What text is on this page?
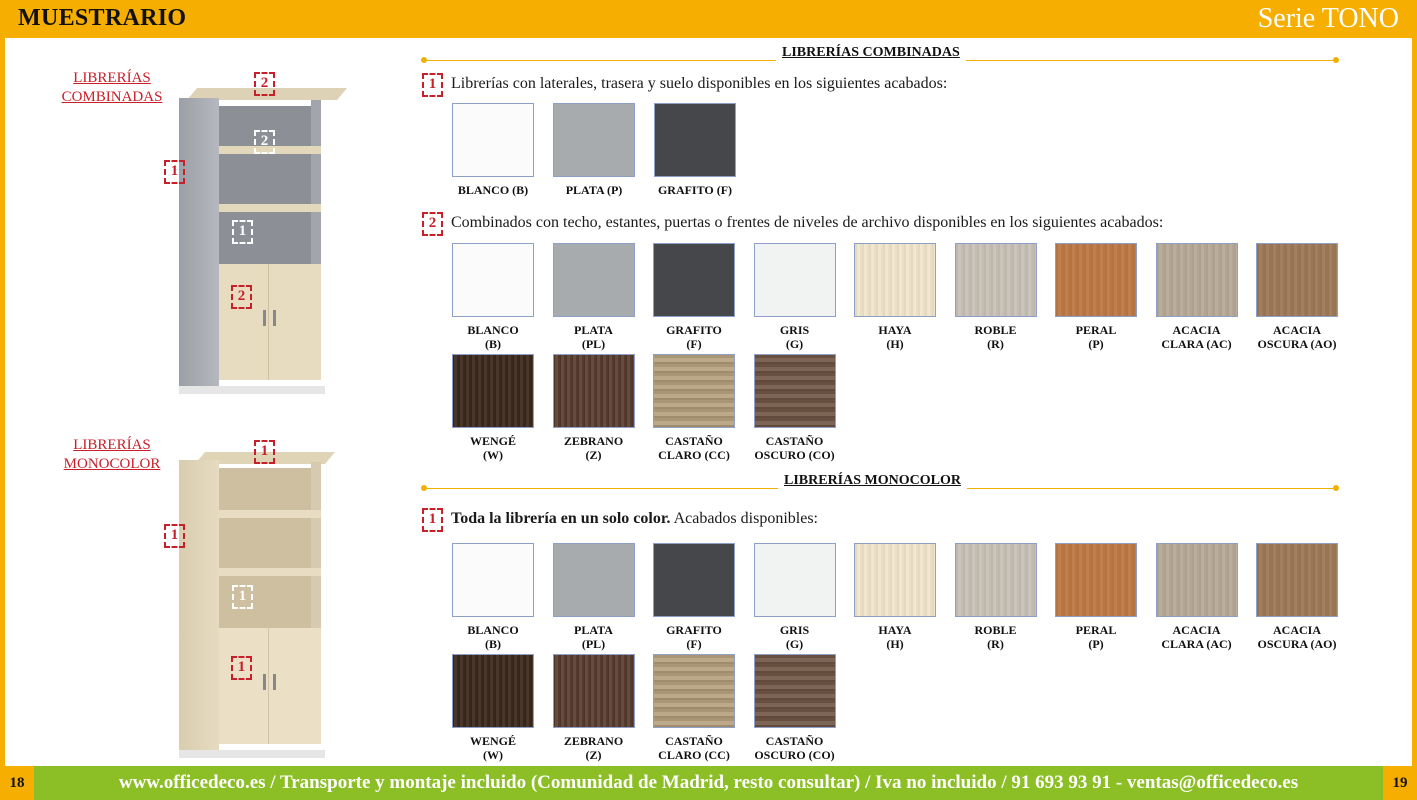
MUESTRARIO	Serie TONO
LIBRERÍAS
COMBINADAS
2
1
2
1
2
LIBRERÍAS
MONOCOLOR
1
1
1
1
LIBRERÍAS COMBINADAS
1 Librerías con laterales, trasera y suelo disponibles en los siguientes acabados:
BLANCO (B)	PLATA (P)	GRAFITO (F)
2 Combinados con techo, estantes, puertas o frentes de niveles de archivo disponibles en los siguientes acabados:
BLANCO
(B)
PLATA
(PL)
GRAFITO
(F)
GRIS
(G)
HAYA
(H)
ROBLE
(R)
PERAL
(P)
ACACIA
CLARA (AC)
ACACIA
OSCURA (AO)
WENGÉ
(W)
ZEBRANO
(Z)
CASTAÑO
CLARO (CC)
CASTAÑO
OSCURO (CO)
LIBRERÍAS MONOCOLOR
1 Toda la librería en un solo color. Acabados disponibles:
BLANCO
(B)
PLATA
(PL)
GRAFITO
(F)
GRIS
(G)
HAYA
(H)
ROBLE
(R)
PERAL
(P)
ACACIA
CLARA (AC)
ACACIA
OSCURA (AO)
WENGÉ
(W)
ZEBRANO
(Z)
CASTAÑO
CLARO (CC)
CASTAÑO
OSCURO (CO)
www.officedeco.es / Transporte y montaje incluido (Comunidad de Madrid, resto consultar) / Iva no incluido / 91 693 93 91 - ventas@officedeco.es
18	19
